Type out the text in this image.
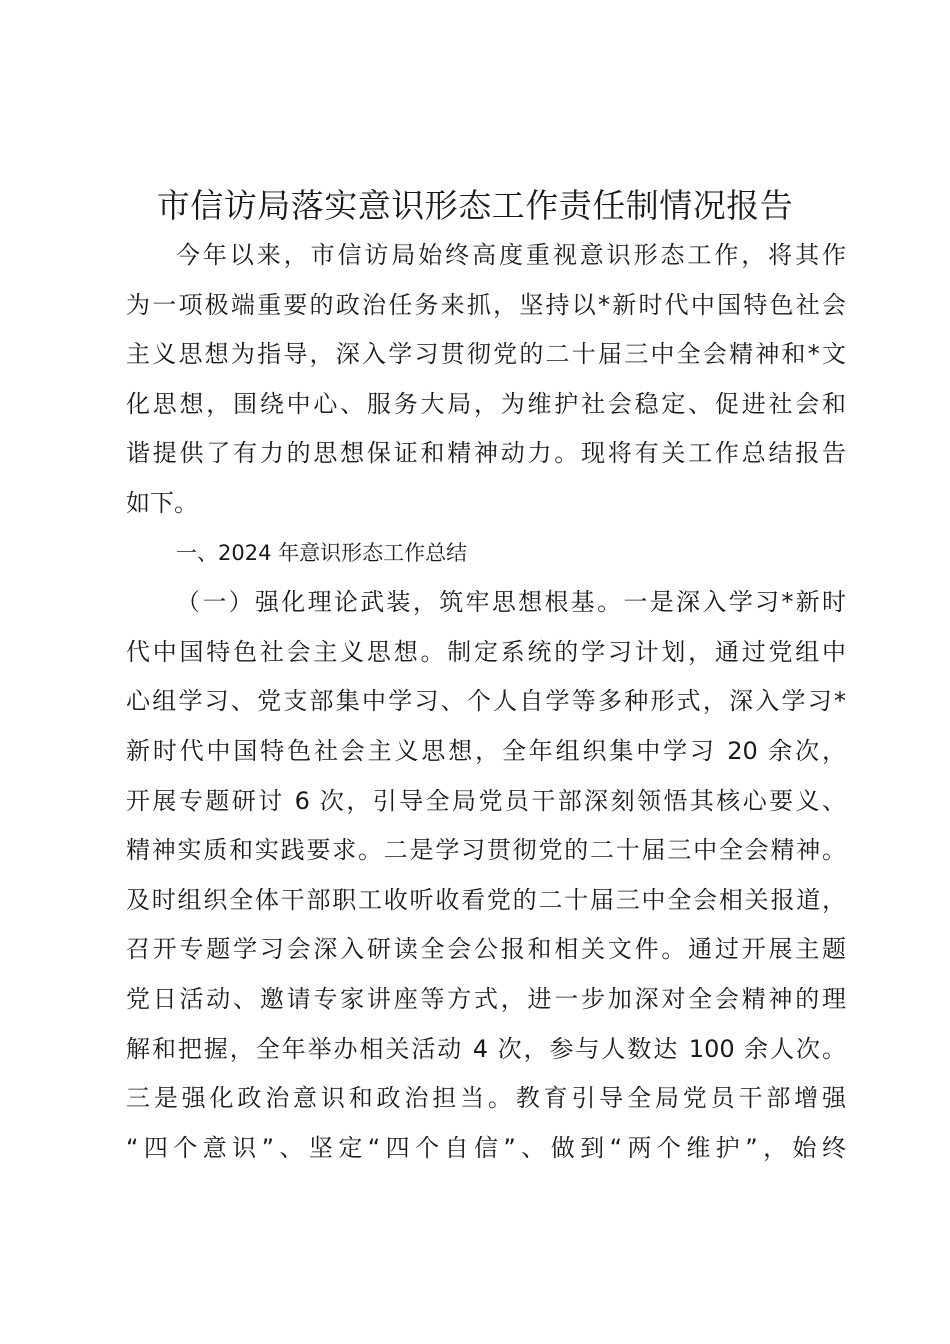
市信访局落实意识形态工作责任制情况报告
今年以来，市信访局始终高度重视意识形态工作，将其作
为一项极端重要的政治任务来抓，坚持以*新时代中国特色社会
主义思想为指导，深入学习贯彻党的二十届三中全会精神和*文
化思想，围绕中心、服务大局，为维护社会稳定、促进社会和
谐提供了有力的思想保证和精神动力。现将有关工作总结报告
如下。
一、2024 年意识形态工作总结
（一）强化理论武装，筑牢思想根基。一是深入学习*新时
代中国特色社会主义思想。制定系统的学习计划，通过党组中
心组学习、党支部集中学习、个人自学等多种形式，深入学习*
新时代中国特色社会主义思想，全年组织集中学习 20 余次，
开展专题研讨 6 次，引导全局党员干部深刻领悟其核心要义、
精神实质和实践要求。二是学习贯彻党的二十届三中全会精神。
及时组织全体干部职工收听收看党的二十届三中全会相关报道，
召开专题学习会深入研读全会公报和相关文件。通过开展主题
党日活动、邀请专家讲座等方式，进一步加深对全会精神的理
解和把握，全年举办相关活动 4 次，参与人数达 100 余人次。
三是强化政治意识和政治担当。教育引导全局党员干部增强
“四个意识”、坚定“四个自信”、做到“两个维护”，始终
